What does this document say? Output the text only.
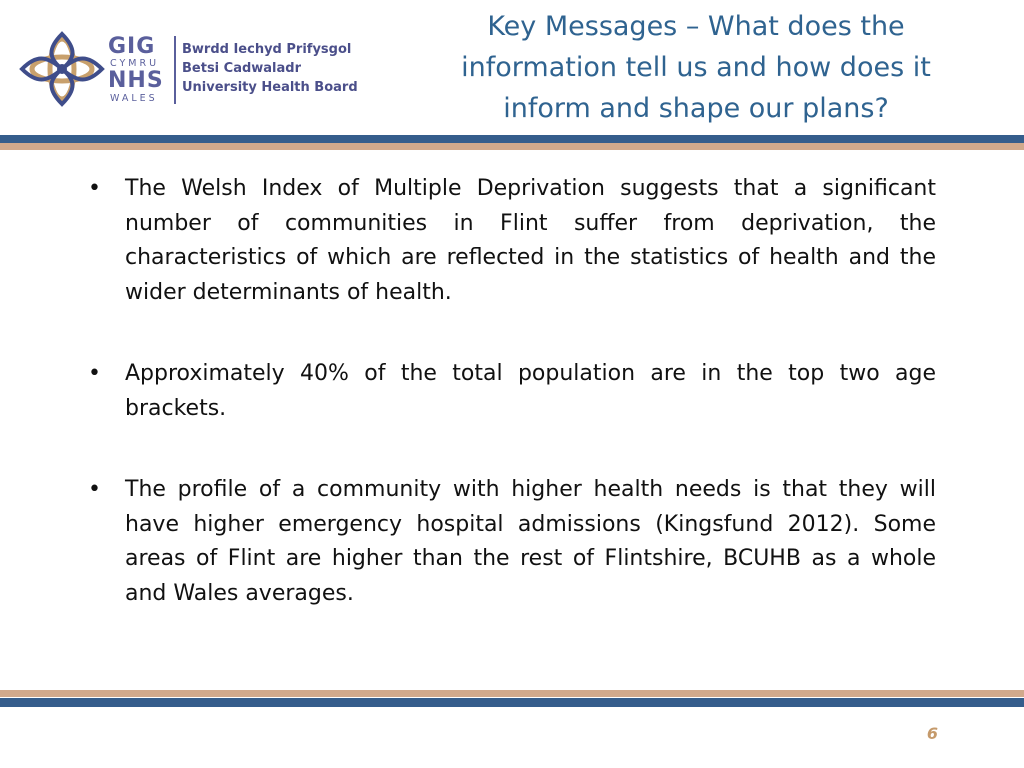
GIG
CYMRU
NHS
WALES
Bwrdd Iechyd Prifysgol
Betsi Cadwaladr
University Health Board
Key Messages – What does the information tell us and how does it inform and shape our plans?
• The Welsh Index of Multiple Deprivation suggests that a significant number of communities in Flint suffer from deprivation, the characteristics of which are reflected in the statistics of health and the wider determinants of health.
• Approximately 40% of the total population are in the top two age brackets.
• The profile of a community with higher health needs is that they will have higher emergency hospital admissions (Kingsfund 2012). Some areas of Flint are higher than the rest of Flintshire, BCUHB as a whole and Wales averages.
6
